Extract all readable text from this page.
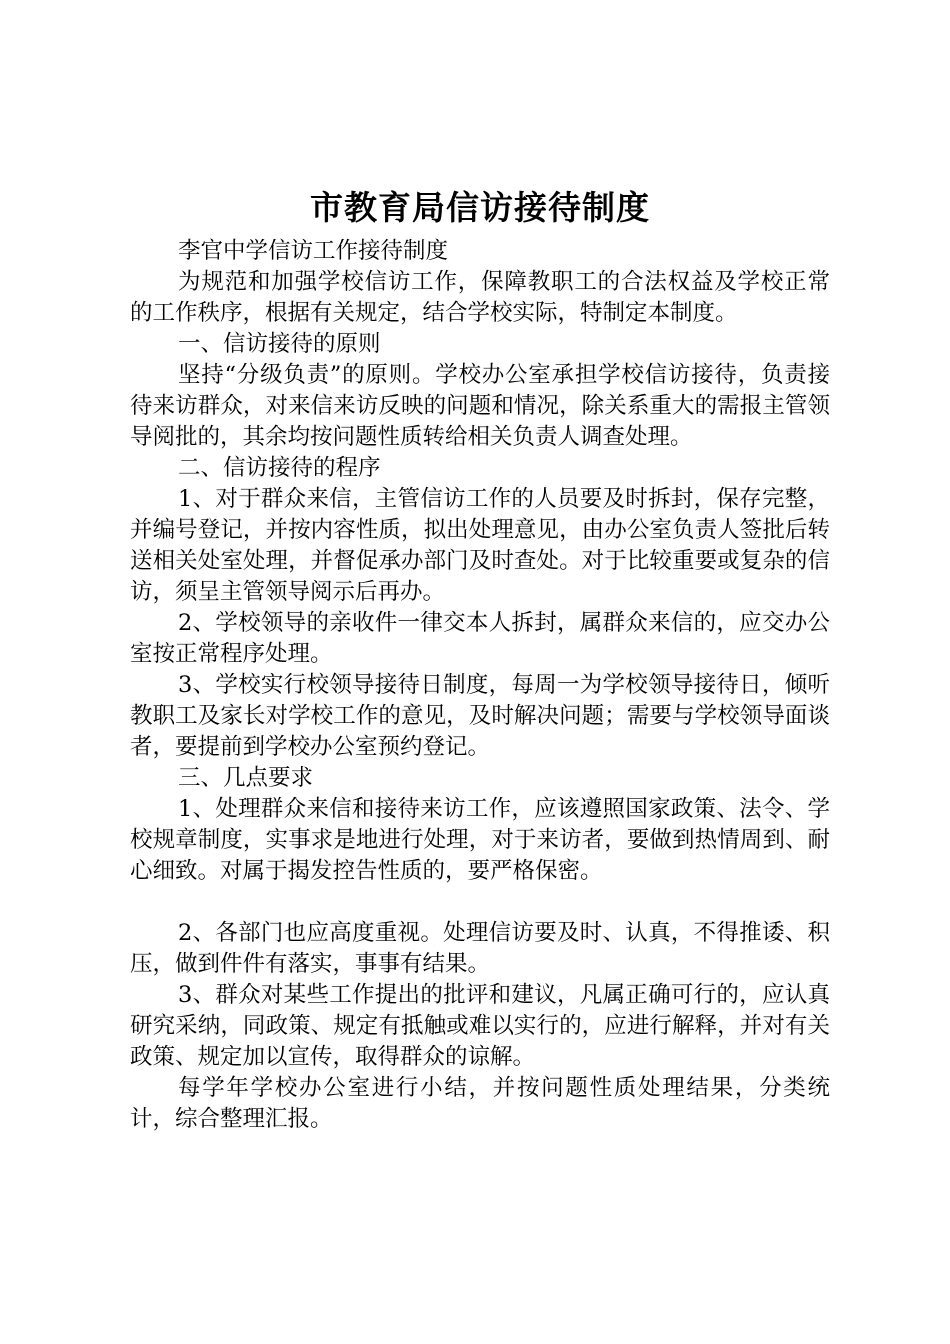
市教育局信访接待制度

李官中学信访工作接待制度

为规范和加强学校信访工作，保障教职工的合法权益及学校正常的工作秩序，根据有关规定，结合学校实际，特制定本制度。

一、信访接待的原则

坚持“分级负责”的原则。学校办公室承担学校信访接待，负责接待来访群众，对来信来访反映的问题和情况，除关系重大的需报主管领导阅批的，其余均按问题性质转给相关负责人调查处理。

二、信访接待的程序

1、对于群众来信，主管信访工作的人员要及时拆封，保存完整，并编号登记，并按内容性质，拟出处理意见，由办公室负责人签批后转送相关处室处理，并督促承办部门及时查处。对于比较重要或复杂的信访，须呈主管领导阅示后再办。

2、学校领导的亲收件一律交本人拆封，属群众来信的，应交办公室按正常程序处理。

3、学校实行校领导接待日制度，每周一为学校领导接待日，倾听教职工及家长对学校工作的意见，及时解决问题；需要与学校领导面谈者，要提前到学校办公室预约登记。

三、几点要求

1、处理群众来信和接待来访工作，应该遵照国家政策、法令、学校规章制度，实事求是地进行处理，对于来访者，要做到热情周到、耐心细致。对属于揭发控告性质的，要严格保密。

2、各部门也应高度重视。处理信访要及时、认真，不得推诿、积压，做到件件有落实，事事有结果。

3、群众对某些工作提出的批评和建议，凡属正确可行的，应认真研究采纳，同政策、规定有抵触或难以实行的，应进行解释，并对有关政策、规定加以宣传，取得群众的谅解。

每学年学校办公室进行小结，并按问题性质处理结果，分类统计，综合整理汇报。
